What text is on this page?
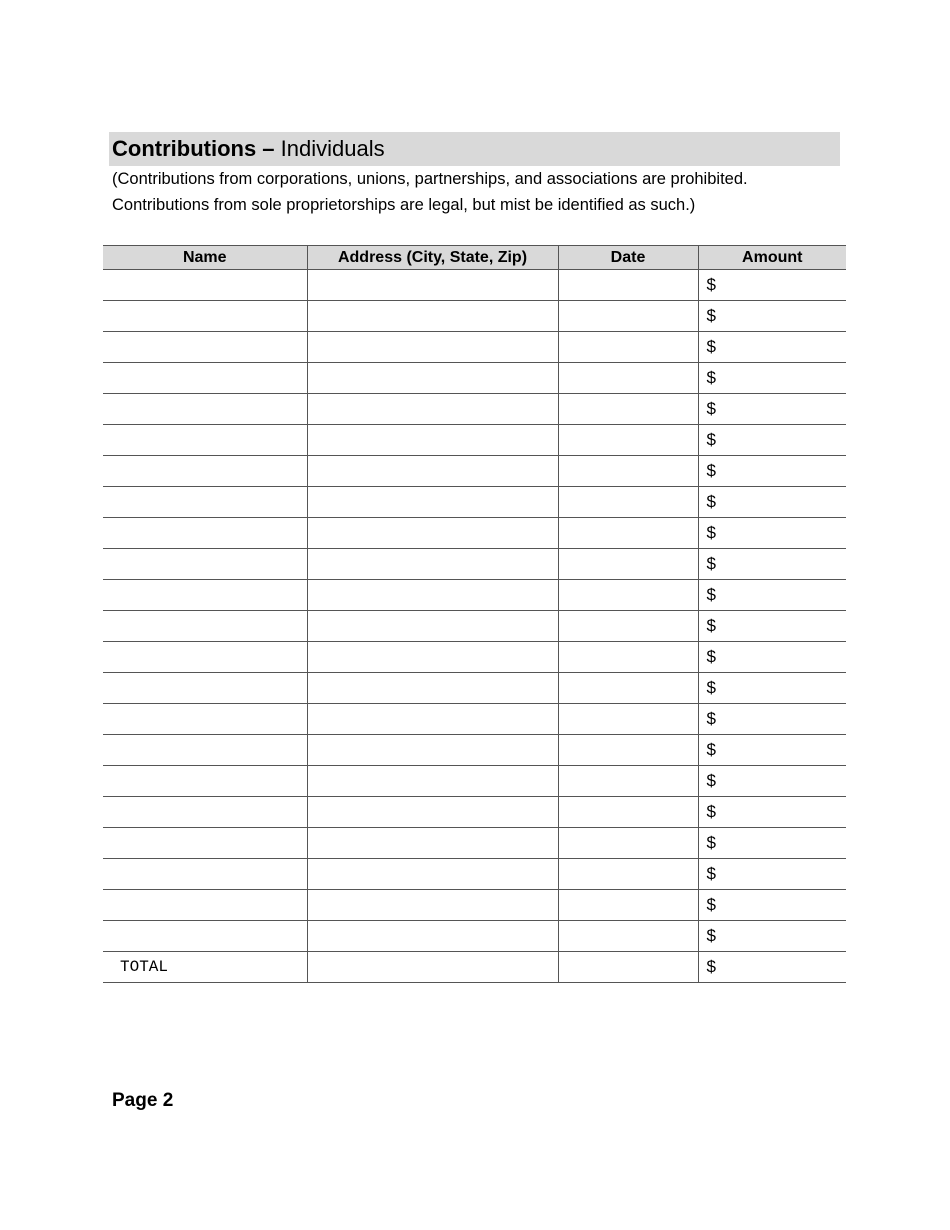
Contributions – Individuals
(Contributions from corporations, unions, partnerships, and associations are prohibited.
Contributions from sole proprietorships are legal, but mist be identified as such.)
Name	Address (City, State, Zip)	Date	Amount
			$
			$
			$
			$
			$
			$
			$
			$
			$
			$
			$
			$
			$
			$
			$
			$
			$
			$
			$
			$
			$
			$
TOTAL			$
Page 2
